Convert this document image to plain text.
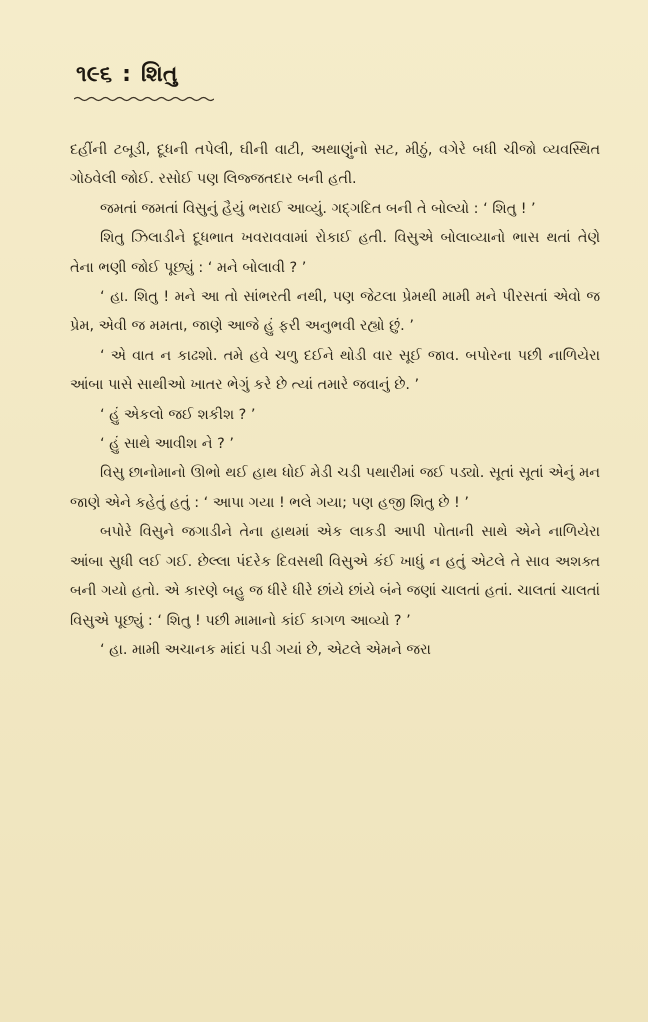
૧૯૬ : શિતુ

દહીંની ટબૂડી, દૂધની તપેલી, ઘીની વાટી, અથાણુંનો સટ, મીઠું, વગેરે બધી ચીજો વ્યવસ્થિત ગોઠવેલી જોઈ. રસોઈ પણ લિજ્જતદાર બની હતી.

જમતાં જમતાં વિસુનું હૈયું ભરાઈ આવ્યું. ગદ્ગદિત બની તે બોલ્યો : ‘ શિતુ ! ’

શિતુ ઝિલાડીને દૂધભાત ખવરાવવામાં રોકાઈ હતી. વિસુએ બોલાવ્યાનો ભાસ થતાં તેણે તેના ભણી જોઈ પૂછ્યું : ‘ મને બોલાવી ? ’

‘ હા. શિતુ ! મને આ તો સાંભરતી નથી, પણ જેટલા પ્રેમથી મામી મને પીરસતાં એવો જ પ્રેમ, એવી જ મમતા, જાણે આજે હું ફરી અનુભવી રહ્યો છું. ’

‘ એ વાત ન કાઢશો. તમે હવે ચળુ દઈને થોડી વાર સૂઈ જાવ. બપોરના પછી નાળિયેરા આંબા પાસે સાથીઓ ખાતર ભેગું કરે છે ત્યાં તમારે જવાનું છે. ’

‘ હું એકલો જઈ શકીશ ? ’

‘ હું સાથે આવીશ ને ? ’

વિસુ છાનોમાનો ઊભો થઈ હાથ ધોઈ મેડી ચડી પથારીમાં જઈ પડ્યો. સૂતાં સૂતાં એનું મન જાણે એને કહેતું હતું : ‘ આપા ગયા ! ભલે ગયા; પણ હજી શિતુ છે ! ’

બપોરે વિસુને જગાડીને તેના હાથમાં એક લાકડી આપી પોતાની સાથે એને નાળિયેરા આંબા સુધી લઈ ગઈ. છેલ્લા પંદરેક દિવસથી વિસુએ કંઈ ખાધું ન હતું એટલે તે સાવ અશક્ત બની ગયો હતો. એ કારણે બહુ જ ધીરે ધીરે છાંયે છાંયે બંને જણાં ચાલતાં હતાં. ચાલતાં ચાલતાં વિસુએ પૂછ્યું : ‘ શિતુ ! પછી મામાનો કાંઈ કાગળ આવ્યો ? ’

‘ હા. મામી અચાનક માંદાં પડી ગયાં છે, એટલે એમને જરા
